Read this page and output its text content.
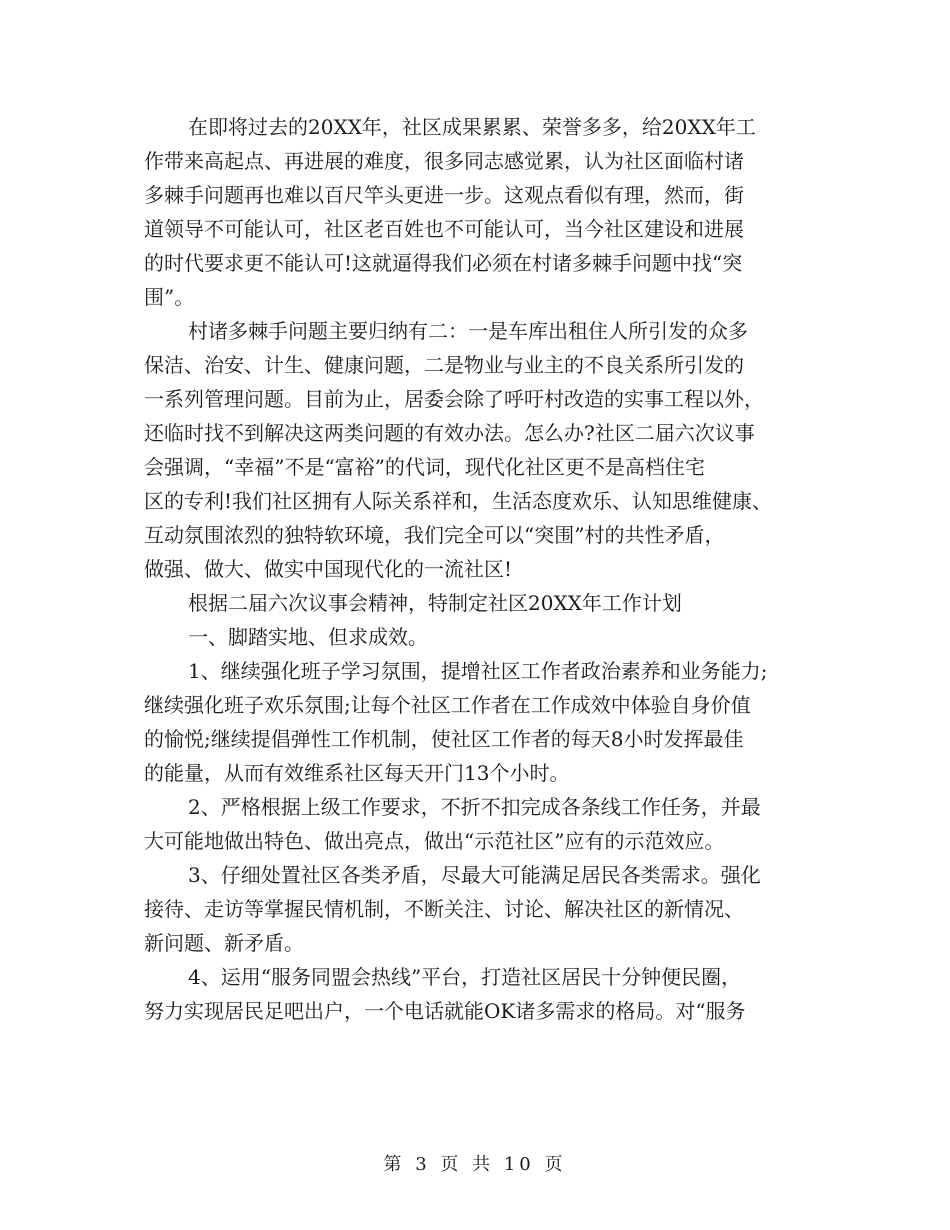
在即将过去的20XX年，社区成果累累、荣誉多多，给20XX年工
作带来高起点、再进展的难度，很多同志感觉累，认为社区面临村诸
多棘手问题再也难以百尺竿头更进一步。这观点看似有理，然而，街
道领导不可能认可，社区老百姓也不可能认可，当今社区建设和进展
的时代要求更不能认可!这就逼得我们必须在村诸多棘手问题中找“突
围”。
村诸多棘手问题主要归纳有二：一是车库出租住人所引发的众多
保洁、治安、计生、健康问题，二是物业与业主的不良关系所引发的
一系列管理问题。目前为止，居委会除了呼吁村改造的实事工程以外，
还临时找不到解决这两类问题的有效办法。怎么办?社区二届六次议事
会强调，“幸福”不是“富裕”的代词，现代化社区更不是高档住宅
区的专利!我们社区拥有人际关系祥和，生活态度欢乐、认知思维健康、
互动氛围浓烈的独特软环境，我们完全可以“突围”村的共性矛盾，
做强、做大、做实中国现代化的一流社区!
根据二届六次议事会精神，特制定社区20XX年工作计划
一、脚踏实地、但求成效。
1、继续强化班子学习氛围，提增社区工作者政治素养和业务能力;
继续强化班子欢乐氛围;让每个社区工作者在工作成效中体验自身价值
的愉悦;继续提倡弹性工作机制，使社区工作者的每天8小时发挥最佳
的能量，从而有效维系社区每天开门13个小时。
2、严格根据上级工作要求，不折不扣完成各条线工作任务，并最
大可能地做出特色、做出亮点，做出“示范社区”应有的示范效应。
3、仔细处置社区各类矛盾，尽最大可能满足居民各类需求。强化
接待、走访等掌握民情机制，不断关注、讨论、解决社区的新情况、
新问题、新矛盾。
4、运用“服务同盟会热线”平台，打造社区居民十分钟便民圈，
努力实现居民足吧出户，一个电话就能OK诸多需求的格局。对“服务
第 3 页 共 10 页
